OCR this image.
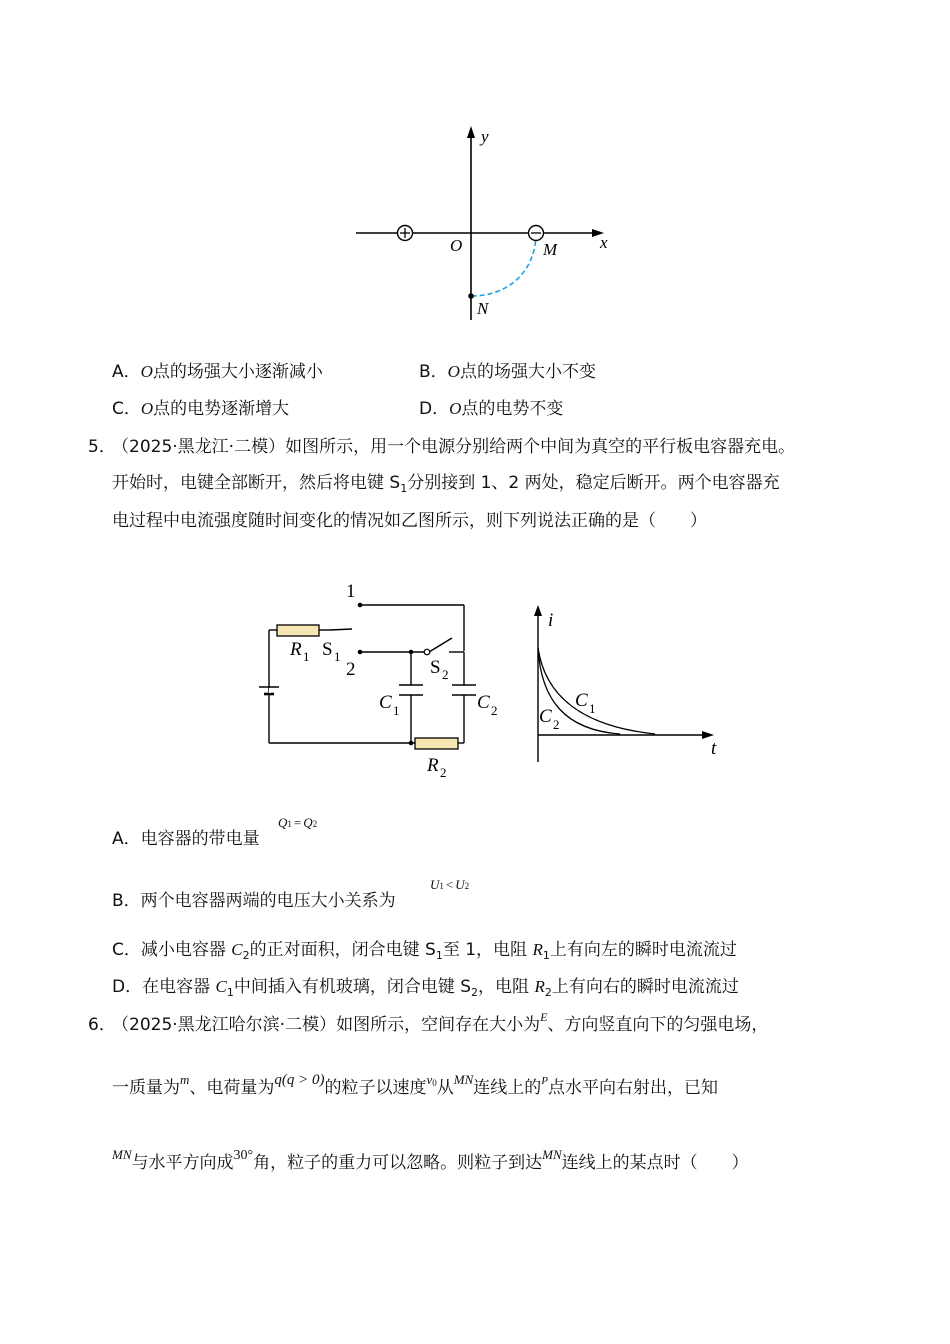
y
x
O	M
N
A．O点的场强大小逐渐减小	B．O点的场强大小不变
C．O点的电势逐渐增大	D．O点的电势不变
5．
（2025·黑龙江·二模）如图所示，用一个电源分别给两个中间为真空的平行板电容器充电。
开始时，电键全部断开，然后将电键 $S_1$分别接到 1、2 两处，稳定后断开。两个电容器充
电过程中电流强度随时间变化的情况如乙图所示，则下列说法正确的是（　　）
1
2
R 1 S 1
S 2
C 1	C 2
R 2
i
t
C 1
C 2
A．电容器的带电量
Q1 = Q2
B．两个电容器两端的电压大小关系为
U1 < U2
C．减小电容器 $C_2$的正对面积，闭合电键 $S_1$至 1，电阻 $R_1$上有向左的瞬时电流流过
D．在电容器 $C_1$中间插入有机玻璃，闭合电键 $S_2$，电阻 $R_2$上有向右的瞬时电流流过
6．
（2025·黑龙江哈尔滨·二模）如图所示，空间存在大小为$^E$、方向竖直向下的匀强电场，
一质量为$^m$、电荷量为q(q > 0)的粒子以速度$^{v0}$从$^{MN}$连线上的$^P$点水平向右射出，已知
$^{MN}$与水平方向成$^{30^\circ}$角，粒子的重力可以忽略。则粒子到达$^{MN}$连线上的某点时（　　）
